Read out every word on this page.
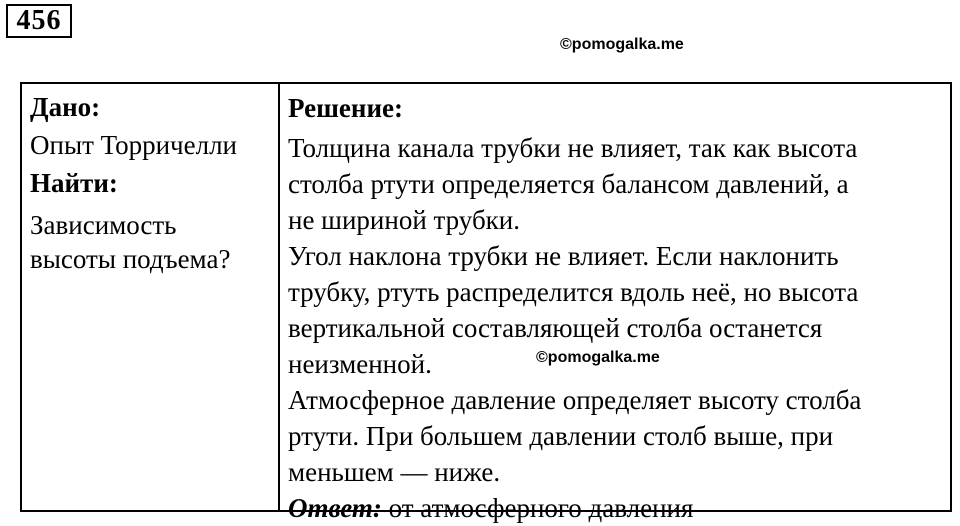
456
©pomogalka.me
Дано:
Опыт Торричелли
Найти:
Зависимость
высоты подъема?
Решение:
Толщина канала трубки не влияет, так как высота
столба ртути определяется балансом давлений, а
не шириной трубки.
Угол наклона трубки не влияет. Если наклонить
трубку, ртуть распределится вдоль неё, но высота
вертикальной составляющей столба останется
неизменной.
Атмосферное давление определяет высоту столба
ртути. При большем давлении столб выше, при
меньшем — ниже.
Ответ: от атмосферного давления
©pomogalka.me
